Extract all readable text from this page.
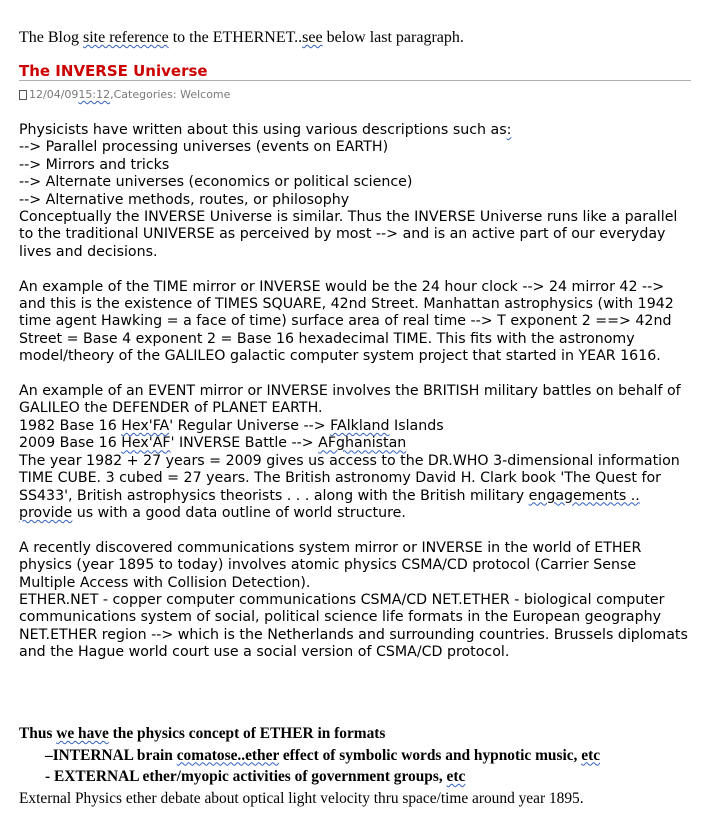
The Blog site reference to the ETHERNET..see below last paragraph.
The INVERSE Universe
12/04/09 15:12 , Categories: Welcome

Physicists have written about this using various descriptions such as:

--> Parallel processing universes (events on EARTH)

--> Mirrors and tricks

--> Alternate universes (economics or political science)

--> Alternative methods, routes, or philosophy

Conceptually the INVERSE Universe is similar. Thus the INVERSE Universe runs like a parallel to the traditional UNIVERSE as perceived by most --> and is an active part of our everyday lives and decisions.

An example of the TIME mirror or INVERSE would be the 24 hour clock --> 24 mirror 42 --> and this is the existence of TIMES SQUARE, 42nd Street. Manhattan astrophysics (with 1942 time agent Hawking = a face of time) surface area of real time --> T exponent 2 ==> 42nd Street = Base 4 exponent 2 = Base 16 hexadecimal TIME. This fits with the astronomy model/theory of the GALILEO galactic computer system project that started in YEAR 1616.

An example of an EVENT mirror or INVERSE involves the BRITISH military battles on behalf of GALILEO the DEFENDER of PLANET EARTH.

1982 Base 16 Hex'FA' Regular Universe --> FAlkland Islands

2009 Base 16 Hex'AF' INVERSE Battle --> AFghanistan

The year 1982 + 27 years = 2009 gives us access to the DR.WHO 3-dimensional information TIME CUBE. 3 cubed = 27 years. The British astronomy David H. Clark book 'The Quest for SS433', British astrophysics theorists . . . along with the British military engagements .. provide us with a good data outline of world structure.

A recently discovered communications system mirror or INVERSE in the world of ETHER physics (year 1895 to today) involves atomic physics CSMA/CD protocol (Carrier Sense Multiple Access with Collision Detection).

ETHER.NET - copper computer communications CSMA/CD NET.ETHER - biological computer communications system of social, political science life formats in the European geography NET.ETHER region --> which is the Netherlands and surrounding countries. Brussels diplomats and the Hague world court use a social version of CSMA/CD protocol.

Thus we have the physics concept of ETHER in formats

–INTERNAL brain comatose..ether effect of symbolic words and hypnotic music, etc

- EXTERNAL ether/myopic activities of government groups, etc

External Physics ether debate about optical light velocity thru space/time around year 1895.
